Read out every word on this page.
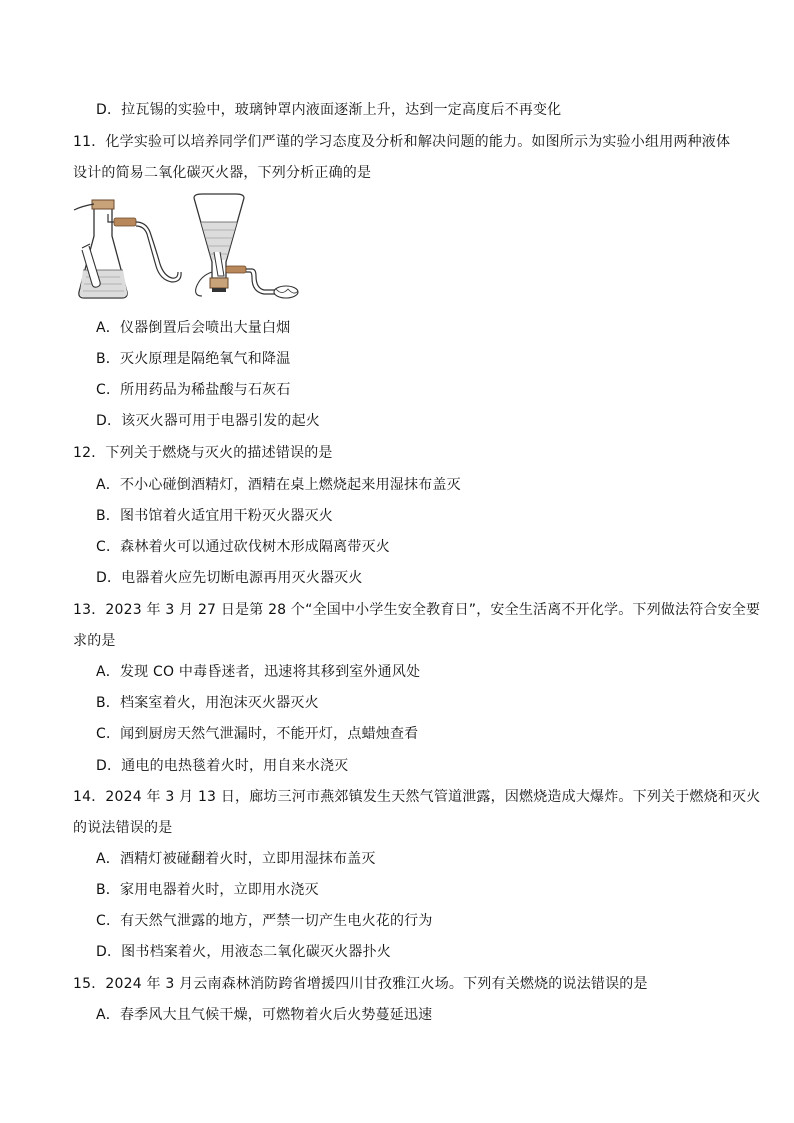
D．拉瓦锡的实验中，玻璃钟罩内液面逐渐上升，达到一定高度后不再变化
11．化学实验可以培养同学们严谨的学习态度及分析和解决问题的能力。如图所示为实验小组用两种液体
设计的简易二氧化碳灭火器，下列分析正确的是
A．仪器倒置后会喷出大量白烟
B．灭火原理是隔绝氧气和降温
C．所用药品为稀盐酸与石灰石
D．该灭火器可用于电器引发的起火
12．下列关于燃烧与灭火的描述错误的是
A．不小心碰倒酒精灯，酒精在桌上燃烧起来用湿抹布盖灭
B．图书馆着火适宜用干粉灭火器灭火
C．森林着火可以通过砍伐树木形成隔离带灭火
D．电器着火应先切断电源再用灭火器灭火
13．2023 年 3 月 27 日是第 28 个“全国中小学生安全教育日”，安全生活离不开化学。下列做法符合安全要
求的是
A．发现 CO 中毒昏迷者，迅速将其移到室外通风处
B．档案室着火，用泡沫灭火器灭火
C．闻到厨房天然气泄漏时，不能开灯，点蜡烛查看
D．通电的电热毯着火时，用自来水浇灭
14．2024 年 3 月 13 日，廊坊三河市燕郊镇发生天然气管道泄露，因燃烧造成大爆炸。下列关于燃烧和灭火
的说法错误的是
A．酒精灯被碰翻着火时，立即用湿抹布盖灭
B．家用电器着火时，立即用水浇灭
C．有天然气泄露的地方，严禁一切产生电火花的行为
D．图书档案着火，用液态二氧化碳灭火器扑火
15．2024 年 3 月云南森林消防跨省增援四川甘孜雅江火场。下列有关燃烧的说法错误的是
A．春季风大且气候干燥，可燃物着火后火势蔓延迅速
